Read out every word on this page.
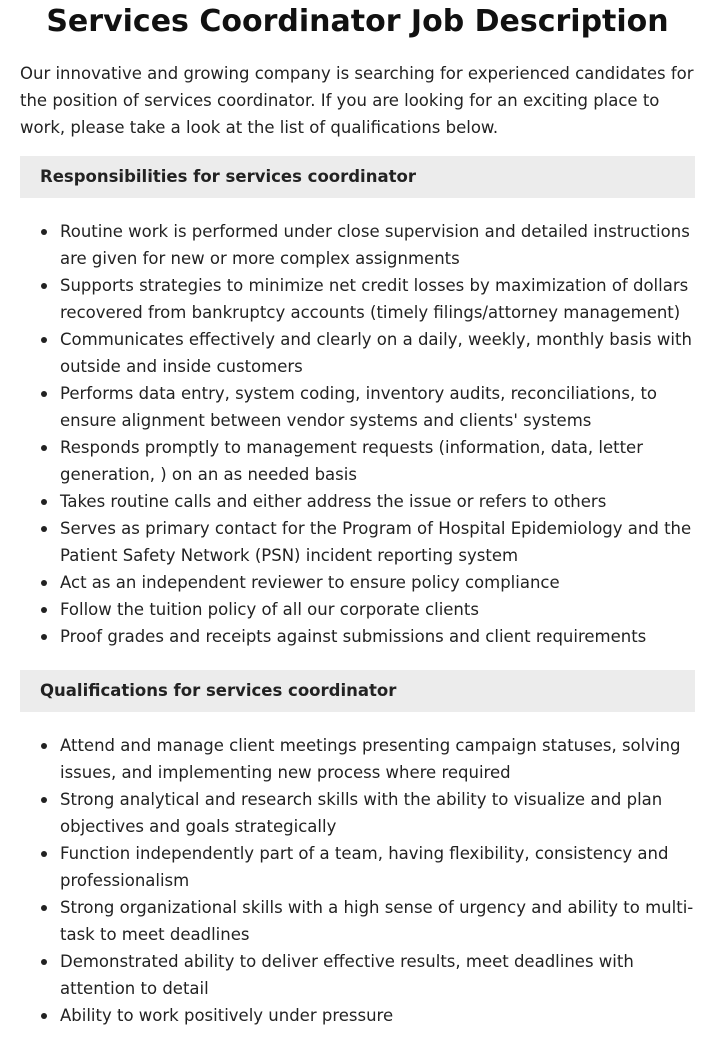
Services Coordinator Job Description

Our innovative and growing company is searching for experienced candidates for the position of services coordinator. If you are looking for an exciting place to work, please take a look at the list of qualifications below.

Responsibilities for services coordinator
Routine work is performed under close supervision and detailed instructions are given for new or more complex assignments
Supports strategies to minimize net credit losses by maximization of dollars recovered from bankruptcy accounts (timely filings/attorney management)
Communicates effectively and clearly on a daily, weekly, monthly basis with outside and inside customers
Performs data entry, system coding, inventory audits, reconciliations, to ensure alignment between vendor systems and clients' systems
Responds promptly to management requests (information, data, letter generation, ) on an as needed basis
Takes routine calls and either address the issue or refers to others
Serves as primary contact for the Program of Hospital Epidemiology and the Patient Safety Network (PSN) incident reporting system
Act as an independent reviewer to ensure policy compliance
Follow the tuition policy of all our corporate clients
Proof grades and receipts against submissions and client requirements
Qualifications for services coordinator
Attend and manage client meetings presenting campaign statuses, solving issues, and implementing new process where required
Strong analytical and research skills with the ability to visualize and plan objectives and goals strategically
Function independently part of a team, having flexibility, consistency and professionalism
Strong organizational skills with a high sense of urgency and ability to multi-task to meet deadlines
Demonstrated ability to deliver effective results, meet deadlines with attention to detail
Ability to work positively under pressure
